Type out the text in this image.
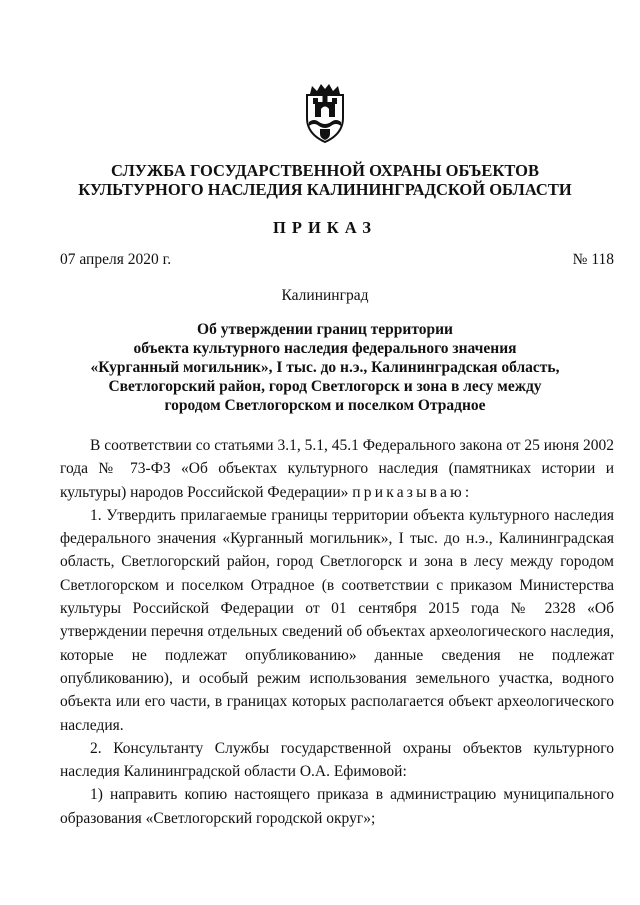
СЛУЖБА ГОСУДАРСТВЕННОЙ ОХРАНЫ ОБЪЕКТОВ
КУЛЬТУРНОГО НАСЛЕДИЯ КАЛИНИНГРАДСКОЙ ОБЛАСТИ
ПРИКАЗ
07 апреля 2020 г.	№ 118
Калининград
Об утверждении границ территории
объекта культурного наследия федерального значения
«Курганный могильник», I тыс. до н.э., Калининградская область,
Светлогорский район, город Светлогорск и зона в лесу между
городом Светлогорском и поселком Отрадное

В соответствии со статьями 3.1, 5.1, 45.1 Федерального закона от 25 июня 2002 года № 73-ФЗ «Об объектах культурного наследия (памятниках истории и культуры) народов Российской Федерации» приказываю:

1. Утвердить прилагаемые границы территории объекта культурного наследия федерального значения «Курганный могильник», I тыс. до н.э., Калининградская область, Светлогорский район, город Светлогорск и зона в лесу между городом Светлогорском и поселком Отрадное (в соответствии с приказом Министерства культуры Российской Федерации от 01 сентября 2015 года № 2328 «Об утверждении перечня отдельных сведений об объектах археологического наследия, которые не подлежат опубликованию» данные сведения не подлежат опубликованию), и особый режим использования земельного участка, водного объекта или его части, в границах которых располагается объект археологического наследия.

2. Консультанту Службы государственной охраны объектов культурного наследия Калининградской области О.А. Ефимовой:

1) направить копию настоящего приказа в администрацию муниципального образования «Светлогорский городской округ»;
